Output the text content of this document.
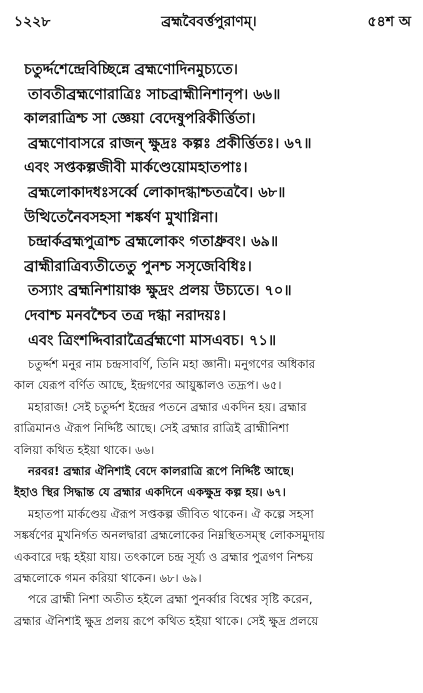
১২২৮	ব্রহ্মবৈবর্ত্তপুরাণম্।	৫৪শ অ
চতুর্দ্দশেন্দ্রেবিচ্ছিন্নে ব্রহ্মণোদিনমুচ্যতে।
তাবতীব্রহ্মণোরাত্রিঃ সাচব্রাহ্মীনিশানৃপ। ৬৬॥
কালরাত্রিশ্চ সা জ্ঞেয়া বেদেষুপরিকীর্ত্তিতা।
ব্রহ্মণোবাসরে রাজন্ ক্ষুদ্রঃ কল্পঃ প্রকীর্ত্তিতঃ। ৬৭॥
এবং সপ্তকল্পজীবী মার্কণ্ডেয়োমহাতপাঃ।
ব্রহ্মলোকাদধঃসর্ব্বে লোকাদগ্ধাশ্চতত্রবৈ। ৬৮॥
উত্থিতেনৈবসহসা শঙ্কর্ষণ মুখাগ্নিনা।
চন্দ্রার্কব্রহ্মপুত্রাশ্চ ব্রহ্মলোকং গতাধ্রুবং। ৬৯॥
ব্রাহ্মীরাত্রিব্যতীতেতু পুনশ্চ সসৃজেবিধিঃ।
তস্যাং ব্রহ্মনিশায়াঞ্চ ক্ষুদ্রং প্রলয় উচ্যতে। ৭০॥
দেবাশ্চ মনবশ্চৈব তত্র দগ্ধা নরাদয়ঃ।
এবং ত্রিংশদ্দিবারাত্রৈর্ব্রহ্মণো মাসএবচ। ৭১॥
চতুর্দ্দশ মনুর নাম চন্দ্রসাবর্ণি, তিনি মহা জ্ঞানী। মনুগণের অধিকার
কাল যেরূপ বর্ণিত আছে, ইন্দ্রগণের আয়ুষ্কালও তদ্রূপ। ৬৫।
মহারাজ! সেই চতুর্দ্দশ ইন্দ্রের পতনে ব্রহ্মার একদিন হয়। ব্রহ্মার
রাত্রিমানও ঐরূপ নির্দ্দিষ্ট আছে। সেই ব্রহ্মার রাত্রিই ব্রাহ্মীনিশা
বলিয়া কথিত হইয়া থাকে। ৬৬।
নরবর! ব্রহ্মার ঐনিশাই বেদে কালরাত্রি রূপে নির্দ্দিষ্ট আছে।
ইহাও স্থির সিদ্ধান্ত যে ব্রহ্মার একদিনে একক্ষুদ্র কল্প হয়। ৬৭।
মহাতপা মার্কণ্ডেয় ঐরূপ সপ্তকল্প জীবিত থাকেন। ঐ কল্পে সহসা
সঙ্কর্ষণের মুখনির্গত অনলদ্বারা ব্রহ্মলোকের নিম্নস্থিতসম্স্থ লোকসমুদায়
একবারে দগ্ধ হইয়া যায়। তৎকালে চন্দ্র সূর্য্য ও ব্রহ্মার পুত্রগণ নিশ্চয়
ব্রহ্মলোকে গমন করিয়া থাকেন। ৬৮। ৬৯।
পরে ব্রাহ্মী নিশা অতীত হইলে ব্রহ্মা পুনর্ব্বার বিশ্বের সৃষ্টি করেন,
ব্রহ্মার ঐনিশাই ক্ষুদ্র প্রলয় রূপে কথিত হইয়া থাকে। সেই ক্ষুদ্র প্রলয়ে
